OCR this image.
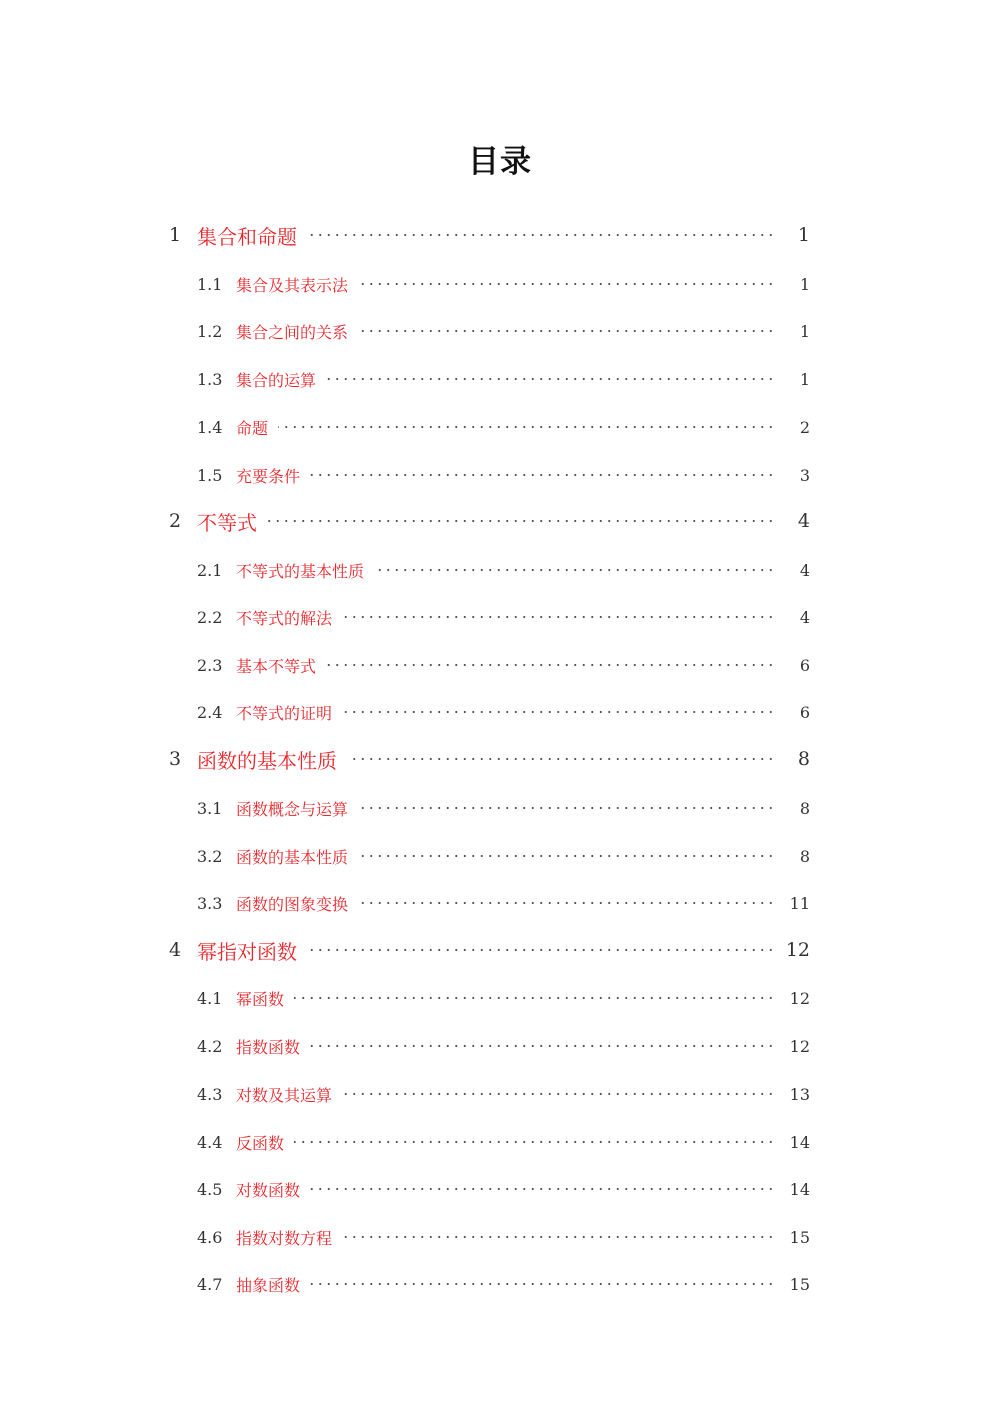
目录
1 集合和命题	1
1.1 集合及其表示法	1
1.2 集合之间的关系	1
1.3 集合的运算	1
1.4 命题	2
1.5 充要条件	3
2 不等式	4
2.1 不等式的基本性质	4
2.2 不等式的解法	4
2.3 基本不等式	6
2.4 不等式的证明	6
3 函数的基本性质	8
3.1 函数概念与运算	8
3.2 函数的基本性质	8
3.3 函数的图象变换	11
4 幂指对函数	12
4.1 幂函数	12
4.2 指数函数	12
4.3 对数及其运算	13
4.4 反函数	14
4.5 对数函数	14
4.6 指数对数方程	15
4.7 抽象函数	15
